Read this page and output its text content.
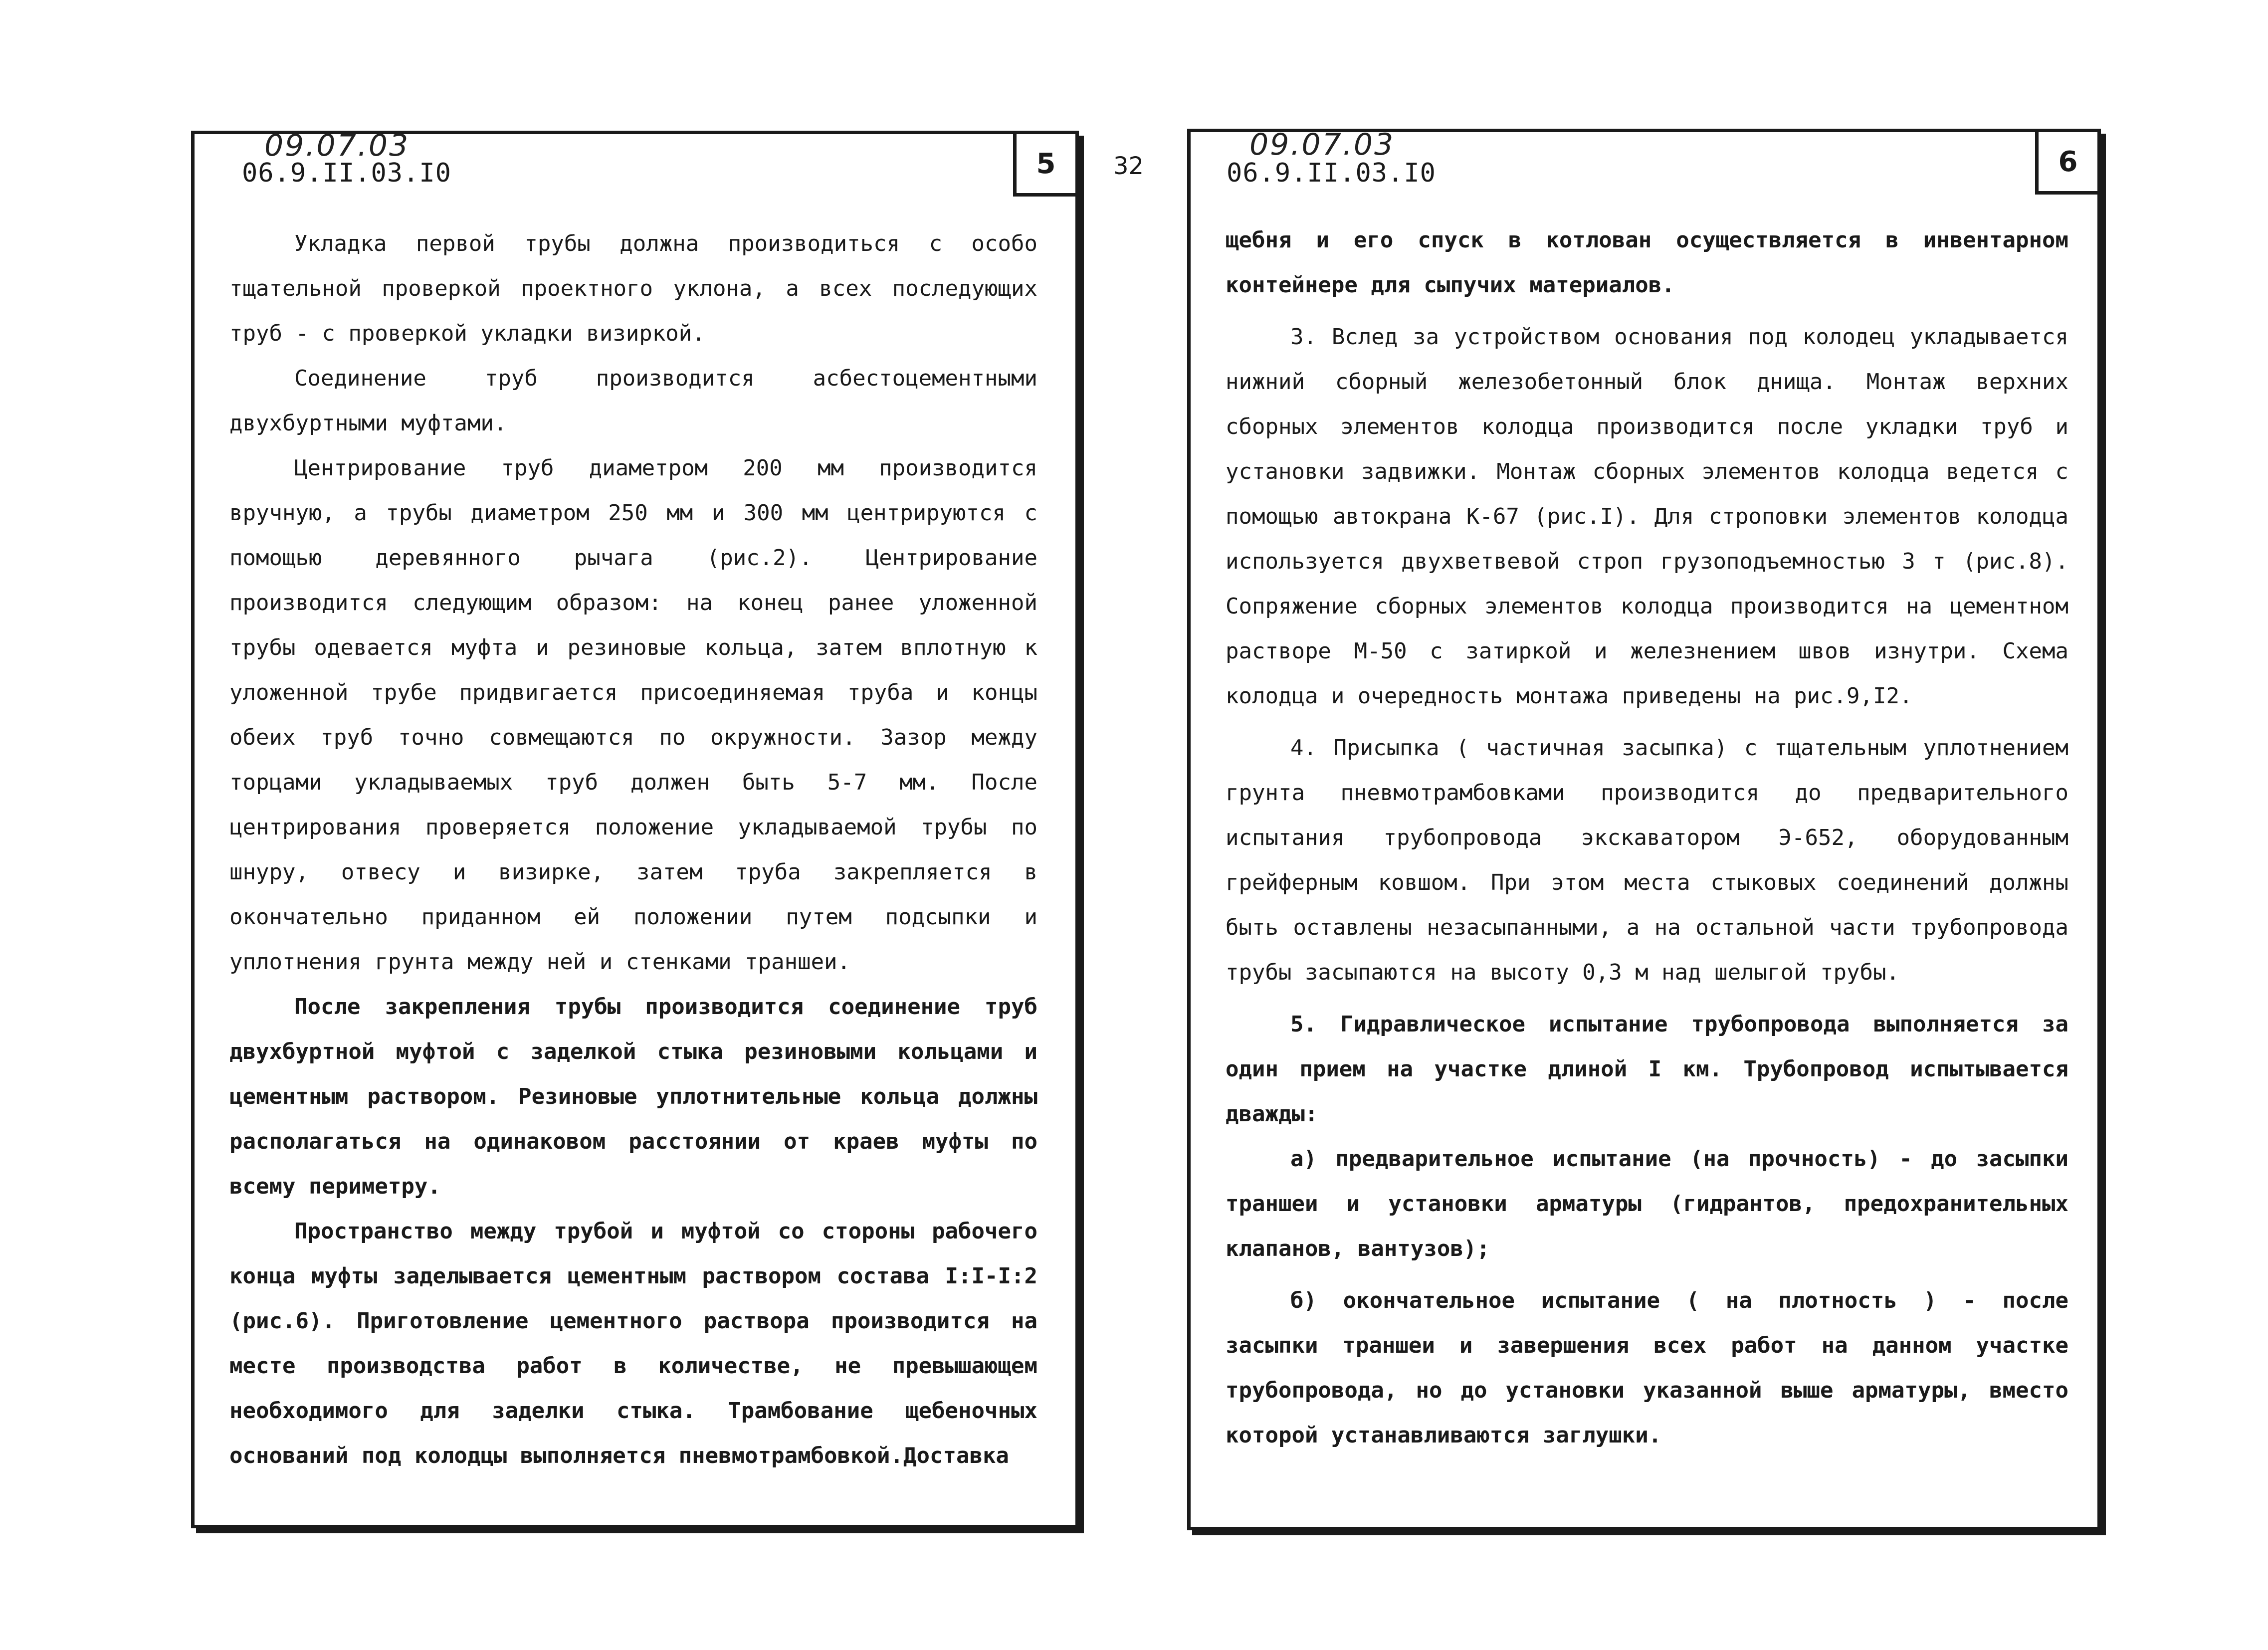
09.07.03
06.9.II.03.I0	5

Укладка первой трубы должна производиться с особо тщательной проверкой проектного уклона, а всех последующих труб - с проверкой укладки визиркой.

Соединение труб производится асбестоцементными двухбуртными муфтами.

Центрирование труб диаметром 200 мм производится вручную, а трубы диаметром 250 мм и 300 мм центрируются с помощью деревянного рычага (рис.2). Центрирование производится следующим образом: на конец ранее уложенной трубы одевается муфта и резиновые кольца, затем вплотную к уложенной трубе придвигается присоединяемая труба и концы обеих труб точно совмещаются по окружности. Зазор между торцами укладываемых труб должен быть 5-7 мм. После центрирования проверяется положение укладываемой трубы по шнуру, отвесу и визирке, затем труба закрепляется в окончательно приданном ей положении путем подсыпки и уплотнения грунта между ней и стенками траншеи.

После закрепления трубы производится соединение труб двухбуртной муфтой с заделкой стыка резиновыми кольцами и цементным раствором. Резиновые уплотнительные кольца должны располагаться на одинаковом расстоянии от краев муфты по всему периметру.

Пространство между трубой и муфтой со стороны рабочего конца муфты заделывается цементным раствором состава I:I-I:2 (рис.6). Приготовление цементного раствора производится на месте производства работ в количестве, не превышающем необходимого для заделки стыка. Трамбование щебеночных оснований под колодцы выполняется пневмотрамбовкой.Доставка

32
09.07.03
06.9.II.03.I0	6

щебня и его спуск в котлован осуществляется в инвентарном контейнере для сыпучих материалов.

3. Вслед за устройством основания под колодец укладывается нижний сборный железобетонный блок днища. Монтаж верхних сборных элементов колодца производится после укладки труб и установки задвижки. Монтаж сборных элементов колодца ведется с помощью автокрана К-67 (рис.I). Для строповки элементов колодца используется двухветвевой строп грузоподъемностью 3 т (рис.8). Сопряжение сборных элементов колодца производится на цементном растворе М-50 с затиркой и железнением швов изнутри. Схема колодца и очередность монтажа приведены на рис.9,I2.

4. Присыпка ( частичная засыпка) с тщательным уплотнением грунта пневмотрамбовками производится до предварительного испытания трубопровода экскаватором Э-652, оборудованным грейферным ковшом. При этом места стыковых соединений должны быть оставлены незасыпанными, а на остальной части трубопровода трубы засыпаются на высоту 0,3 м над шелыгой трубы.

5. Гидравлическое испытание трубопровода выполняется за один прием на участке длиной I км. Трубопровод испытывается дважды:

а) предварительное испытание (на прочность) - до засыпки траншеи и установки арматуры (гидрантов, предохранительных клапанов, вантузов);

б) окончательное испытание ( на плотность ) - после засыпки траншеи и завершения всех работ на данном участке трубопровода, но до установки указанной выше арматуры, вместо которой устанавливаются заглушки.
